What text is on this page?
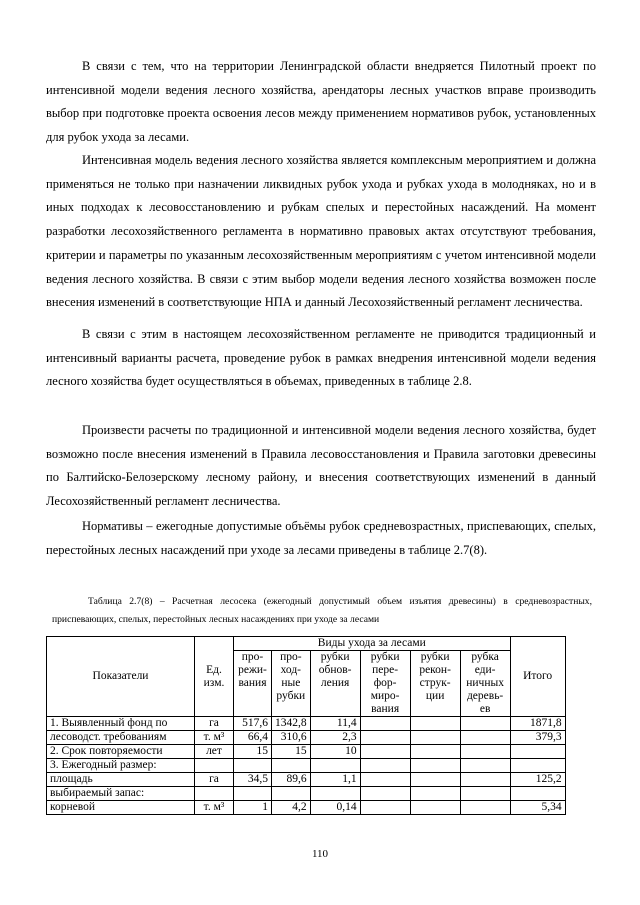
В связи с тем, что на территории Ленинградской области внедряется Пилотный проект по интенсивной модели ведения лесного хозяйства, арендаторы лесных участков вправе производить выбор при подготовке проекта освоения лесов между применением нормативов рубок, установленных для рубок ухода за лесами.

Интенсивная модель ведения лесного хозяйства является комплексным мероприятием и должна применяться не только при назначении ликвидных рубок ухода и рубках ухода в молодняках, но и в иных подходах к лесовосстановлению и рубкам спелых и перестойных насаждений. На момент разработки лесохозяйственного регламента в нормативно правовых актах отсутствуют требования, критерии и параметры по указанным лесохозяйственным мероприятиям с учетом интенсивной модели ведения лесного хозяйства. В связи с этим выбор модели ведения лесного хозяйства возможен после внесения изменений в соответствующие НПА и данный Лесохозяйственный регламент лесничества.

В связи с этим в настоящем лесохозяйственном регламенте не приводится традиционный и интенсивный варианты расчета, проведение рубок в рамках внедрения интенсивной модели ведения лесного хозяйства будет осуществляться в объемах, приведенных в таблице 2.8.

Произвести расчеты по традиционной и интенсивной модели ведения лесного хозяйства, будет возможно после внесения изменений в Правила лесовосстановления и Правила заготовки древесины по Балтийско-Белозерскому лесному району, и внесения соответствующих изменений в данный Лесохозяйственный регламент лесничества.

Нормативы – ежегодные допустимые объёмы рубок средневозрастных, приспевающих, спелых, перестойных лесных насаждений при уходе за лесами приведены в таблице 2.7(8).

Таблица 2.7(8) – Расчетная лесосека (ежегодный допустимый объем изъятия древесины) в средневозрастных, приспевающих, спелых, перестойных лесных насаждениях при уходе за лесами

Показатели	Ед. изм.	Виды ухода за лесами						Итого
		про-режи-вания	про-ход-ные рубки	рубки обнов-ления	рубки пере-фор-миро-вания	рубки рекон-струк-ции	рубка еди-ничных деревь-ев	
1. Выявленный фонд по	га	517,6	1342,8	11,4				1871,8
лесоводст. требованиям	т. м³	66,4	310,6	2,3				379,3
2. Срок повторяемости	лет	15	15	10				
3. Ежегодный размер:								
площадь	га	34,5	89,6	1,1				125,2
выбираемый запас:								
корневой	т. м³	1	4,2	0,14				5,34
110
